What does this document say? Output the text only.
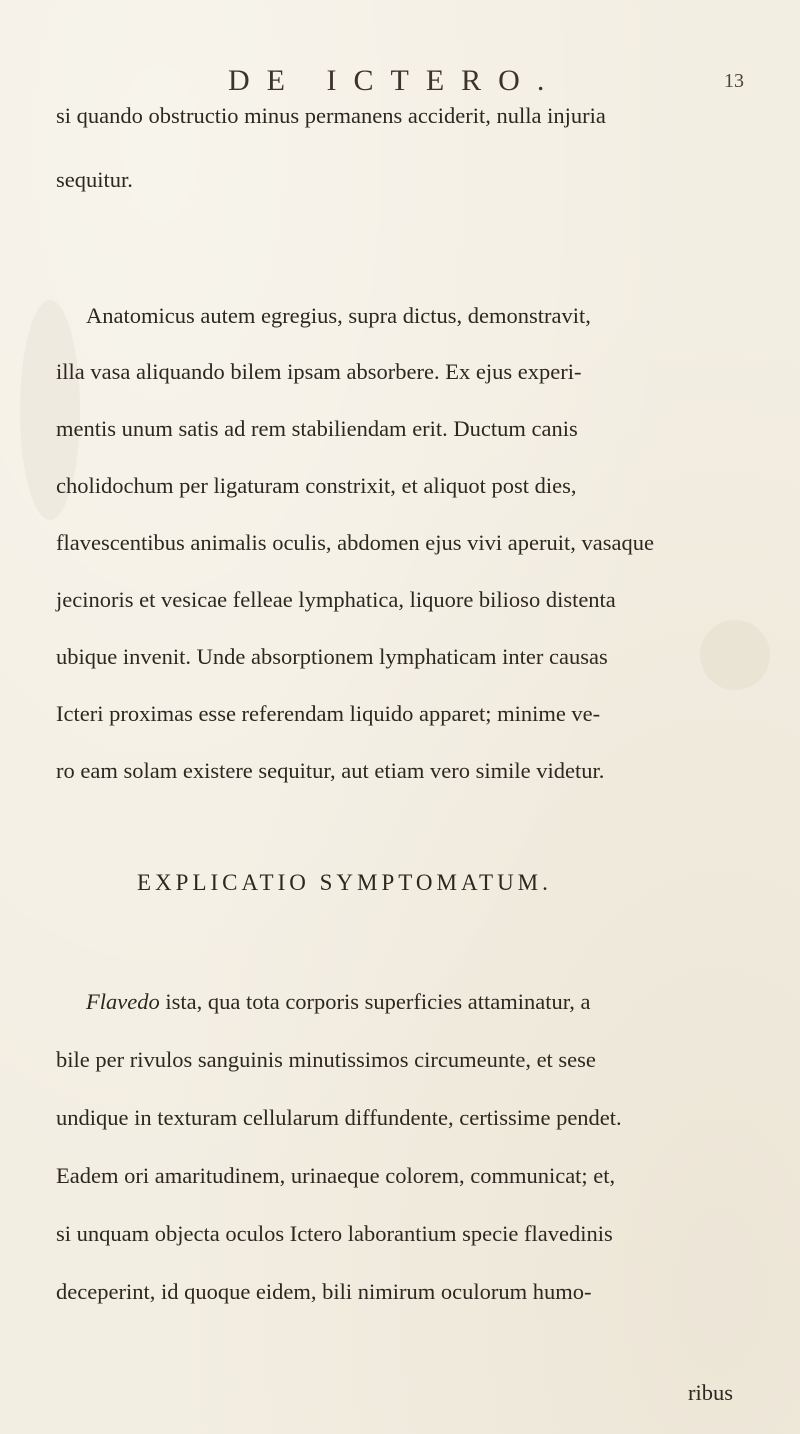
DE ICTERO.	13
si quando obstructio minus permanens acciderit, nulla injuria
sequitur.
Anatomicus autem egregius, supra dictus, demonstravit,
illa vasa aliquando bilem ipsam absorbere. Ex ejus experi-
mentis unum satis ad rem stabiliendam erit. Ductum canis
cholidochum per ligaturam constrixit, et aliquot post dies,
flavescentibus animalis oculis, abdomen ejus vivi aperuit, vasaque
jecinoris et vesicae felleae lymphatica, liquore bilioso distenta
ubique invenit. Unde absorptionem lymphaticam inter causas
Icteri proximas esse referendam liquido apparet; minime ve-
ro eam solam existere sequitur, aut etiam vero simile videtur.
EXPLICATIO SYMPTOMATUM.
Flavedo ista, qua tota corporis superficies attaminatur, a
bile per rivulos sanguinis minutissimos circumeunte, et sese
undique in texturam cellularum diffundente, certissime pendet.
Eadem ori amaritudinem, urinaeque colorem, communicat; et,
si unquam objecta oculos Ictero laborantium specie flavedinis
deceperint, id quoque eidem, bili nimirum oculorum humo-
ribus
